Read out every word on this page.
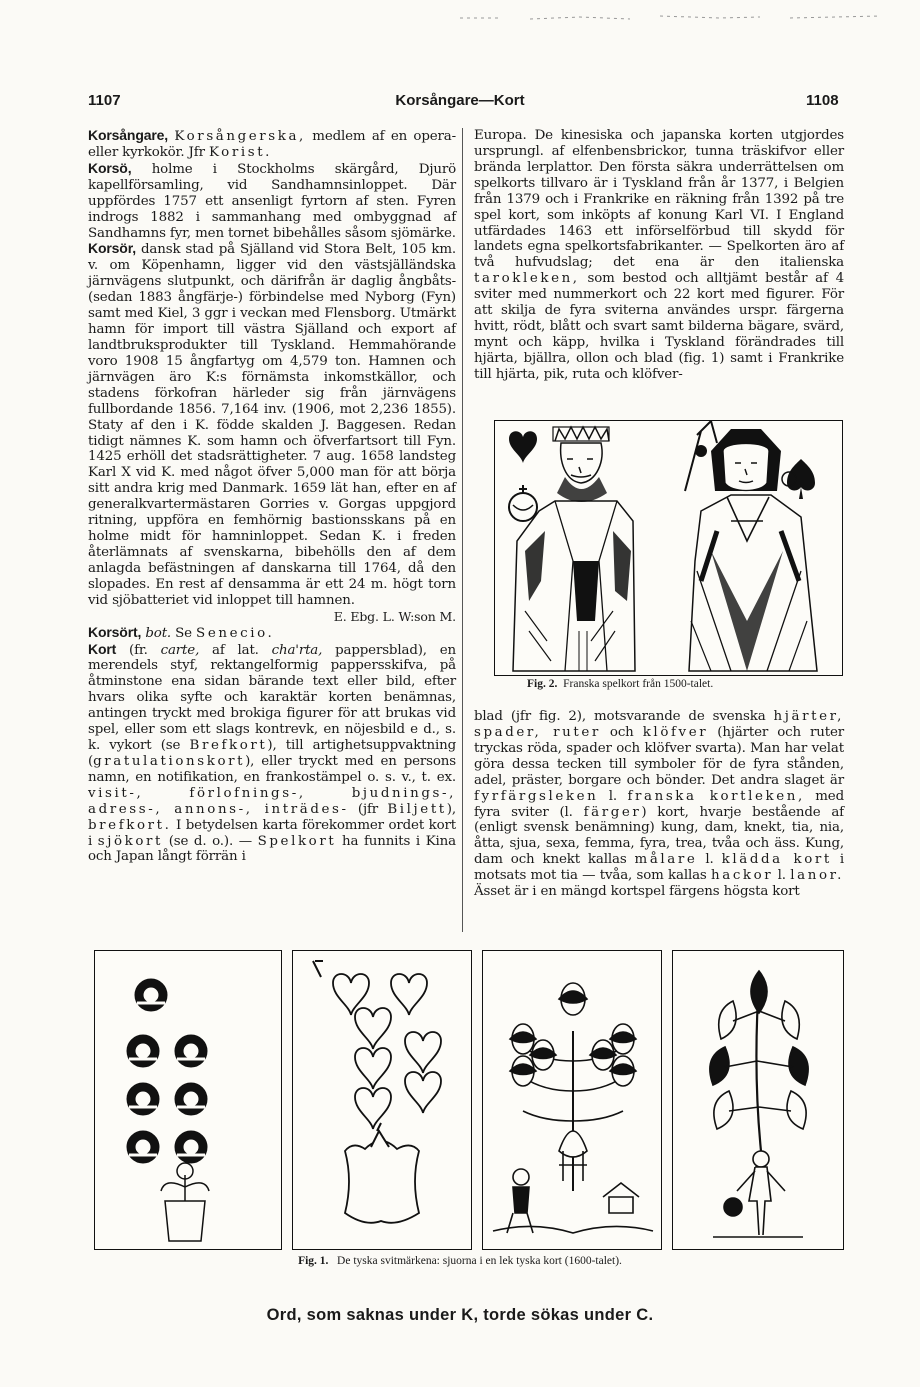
1107	Korsångare—Kort	1108

Korsångare, Korsångerska, medlem af en opera- eller kyrkokör. Jfr Korist.

Korsö, holme i Stockholms skärgård, Djurö kapellförsamling, vid Sandhamnsinloppet. Där uppfördes 1757 ett ansenligt fyrtorn af sten. Fyren indrogs 1882 i sammanhang med ombyggnad af Sandhamns fyr, men tornet bibehålles såsom sjömärke.

Korsör, dansk stad på Själland vid Stora Belt, 105 km. v. om Köpenhamn, ligger vid den västsjälländska järnvägens slutpunkt, och därifrån är daglig ångbåts- (sedan 1883 ångfärje-) förbindelse med Nyborg (Fyn) samt med Kiel, 3 ggr i veckan med Flensborg. Utmärkt hamn för import till västra Själland och export af landtbruksprodukter till Tyskland. Hemmahörande voro 1908 15 ångfartyg om 4,579 ton. Hamnen och järnvägen äro K:s förnämsta inkomstkällor, och stadens förkofran härleder sig från järnvägens fullbordande 1856. 7,164 inv. (1906, mot 2,236 1855). Staty af den i K. födde skalden J. Baggesen. Redan tidigt nämnes K. som hamn och öfverfartsort till Fyn. 1425 erhöll det stadsrättigheter. 7 aug. 1658 landsteg Karl X vid K. med något öfver 5,000 man för att börja sitt andra krig med Danmark. 1659 lät han, efter en af generalkvartermästaren Gorries v. Gorgas uppgjord ritning, uppföra en femhörnig bastionsskans på en holme midt för hamninloppet. Sedan K. i freden återlämnats af svenskarna, bibehölls den af dem anlagda befästningen af danskarna till 1764, då den slopades. En rest af densamma är ett 24 m. högt torn vid sjöbatteriet vid inloppet till hamnen.
E. Ebg. L. W:son M.

Korsört, bot. Se Senecio.

Kort (fr. carte, af lat. cha'rta, pappersblad), en merendels styf, rektangelformig pappersskifva, på åtminstone ena sidan bärande text eller bild, efter hvars olika syfte och karaktär korten benämnas, antingen tryckt med brokiga figurer för att brukas vid spel, eller som ett slags kontrevk, en nöjesbild e d., s. k. vykort (se Brefkort), till artighetsuppvaktning (gratulationskort), eller tryckt med en persons namn, en notifikation, en frankostämpel o. s. v., t. ex. visit-, förlofnings-, bjudnings-, adress-, annons-, inträdes- (jfr Biljett), brefkort. I betydelsen karta förekommer ordet kort i sjökort (se d. o.). — Spelkort ha funnits i Kina och Japan långt förrän i

Europa. De kinesiska och japanska korten utgjordes ursprungl. af elfenbensbrickor, tunna träskifvor eller brända lerplattor. Den första säkra underrättelsen om spelkorts tillvaro är i Tyskland från år 1377, i Belgien från 1379 och i Frankrike en räkning från 1392 på tre spel kort, som inköpts af konung Karl VI. I England utfärdades 1463 ett införselförbud till skydd för landets egna spelkortsfabrikanter. — Spelkorten äro af två hufvudslag; det ena är den italienska tarokleken, som bestod och alltjämt består af 4 sviter med nummerkort och 22 kort med figurer. För att skilja de fyra sviterna användes urspr. färgerna hvitt, rödt, blått och svart samt bilderna bägare, svärd, mynt och käpp, hvilka i Tyskland förändrades till hjärta, bjällra, ollon och blad (fig. 1) samt i Frankrike till hjärta, pik, ruta och klöfver-

Fig. 2. Franska spelkort från 1500-talet.

blad (jfr fig. 2), motsvarande de svenska hjärter, spader, ruter och klöfver (hjärter och ruter tryckas röda, spader och klöfver svarta). Man har velat göra dessa tecken till symboler för de fyra stånden, adel, präster, borgare och bönder. Det andra slaget är fyrfärgsleken l. franska kortleken, med fyra sviter (l. färger) kort, hvarje bestående af (enligt svensk benämning) kung, dam, knekt, tia, nia, åtta, sjua, sexa, femma, fyra, trea, tvåa och äss. Kung, dam och knekt kallas målare l. klädda kort i motsats mot tia — tvåa, som kallas hackor l. lanor. Ässet är i en mängd kortspel färgens högsta kort

Fig. 1. De tyska svitmärkena: sjuorna i en lek tyska kort (1600-talet).
Ord, som saknas under K, torde sökas under C.
